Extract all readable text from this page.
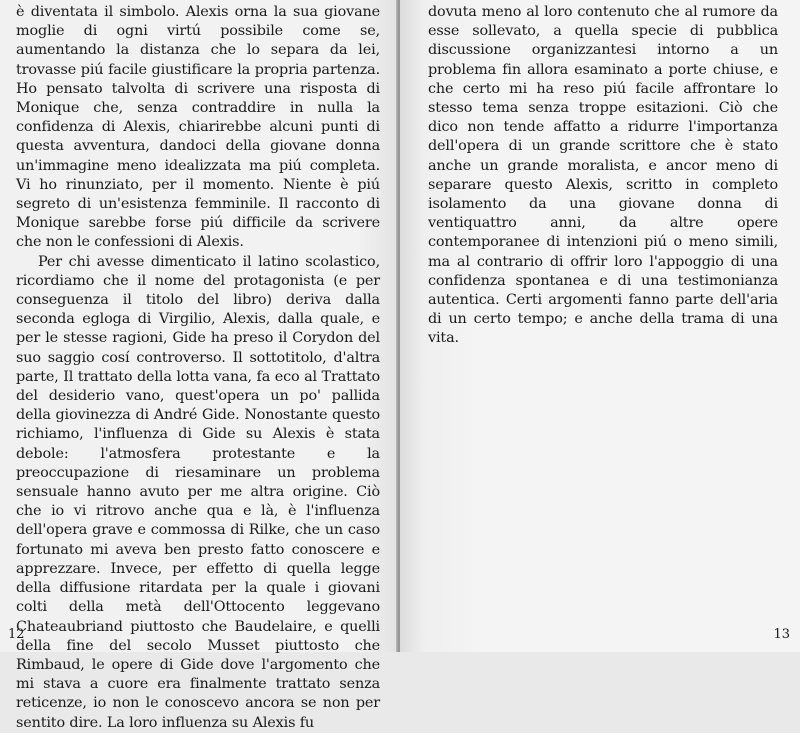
è diventata il simbolo. Alexis orna la sua giovane moglie di ogni virtú possibile come se, aumentando la distanza che lo separa da lei, trovasse piú facile giustificare la propria partenza. Ho pensato talvolta di scrivere una risposta di Monique che, senza contraddire in nulla la confidenza di Alexis, chiarirebbe alcuni punti di questa avventura, dandoci della giovane donna un'immagine meno idealizzata ma piú completa. Vi ho rinunziato, per il momento. Niente è piú segreto di un'esistenza femminile. Il racconto di Monique sarebbe forse piú difficile da scrivere che non le confessioni di Alexis.

Per chi avesse dimenticato il latino scolastico, ricordiamo che il nome del protagonista (e per conseguenza il titolo del libro) deriva dalla seconda egloga di Virgilio, Alexis, dalla quale, e per le stesse ragioni, Gide ha preso il Corydon del suo saggio cosí controverso. Il sottotitolo, d'altra parte, Il trattato della lotta vana, fa eco al Trattato del desiderio vano, quest'opera un po' pallida della giovinezza di André Gide. Nonostante questo richiamo, l'influenza di Gide su Alexis è stata debole: l'atmosfera protestante e la preoccupazione di riesaminare un problema sensuale hanno avuto per me altra origine. Ciò che io vi ritrovo anche qua e là, è l'influenza dell'opera grave e commossa di Rilke, che un caso fortunato mi aveva ben presto fatto conoscere e apprezzare. Invece, per effetto di quella legge della diffusione ritardata per la quale i giovani colti della metà dell'Ottocento leggevano Chateaubriand piuttosto che Baudelaire, e quelli della fine del secolo Musset piuttosto che Rimbaud, le opere di Gide dove l'argomento che mi stava a cuore era finalmente trattato senza reticenze, io non le conoscevo ancora se non per sentito dire. La loro influenza su Alexis fu

12

dovuta meno al loro contenuto che al rumore da esse sollevato, a quella specie di pubblica discussione organizzantesi intorno a un problema fin allora esaminato a porte chiuse, e che certo mi ha reso piú facile affrontare lo stesso tema senza troppe esitazioni. Ciò che dico non tende affatto a ridurre l'importanza dell'opera di un grande scrittore che è stato anche un grande moralista, e ancor meno di separare questo Alexis, scritto in completo isolamento da una giovane donna di ventiquattro anni, da altre opere contemporanee di intenzioni piú o meno simili, ma al contrario di offrir loro l'appoggio di una confidenza spontanea e di una testimonianza autentica. Certi argomenti fanno parte dell'aria di un certo tempo; e anche della trama di una vita.

13
